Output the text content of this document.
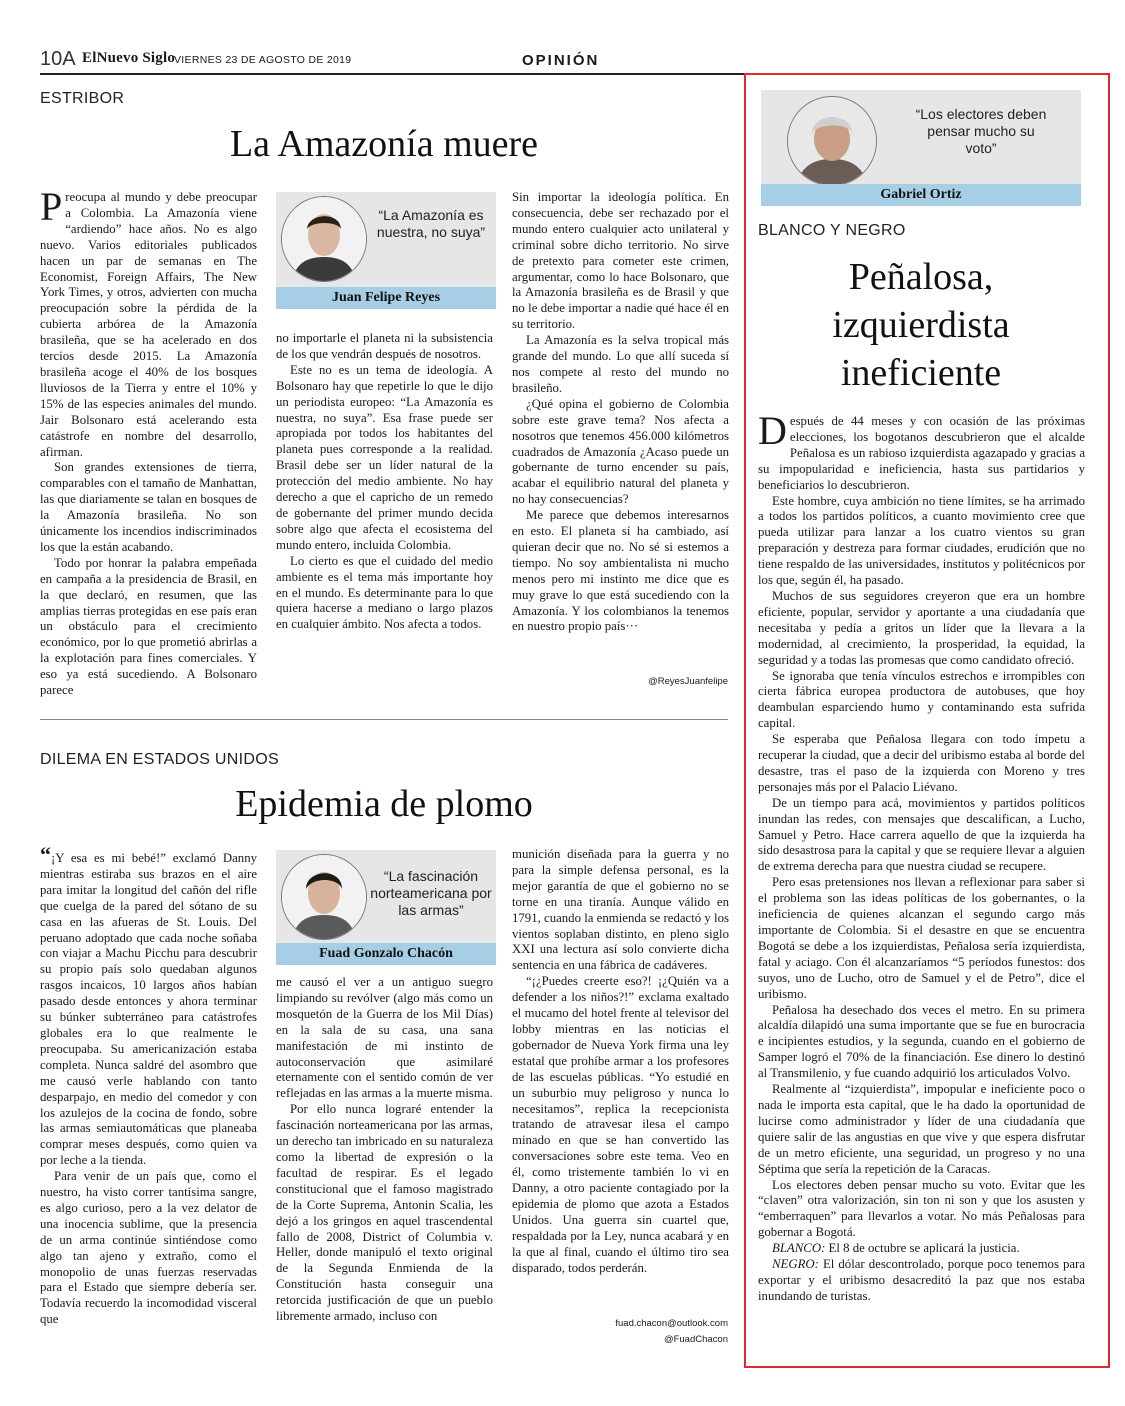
10A ElNuevo Siglo
VIERNES 23 DE AGOSTO DE 2019	OPINIÓN
ESTRIBOR
La Amazonía muere

Preocupa al mundo y debe preocupar a Colombia. La Amazonía viene “ardiendo” hace años. No es algo nuevo. Varios editoriales publicados hacen un par de semanas en The Economist, Foreign Affairs, The New York Times, y otros, advierten con mucha preocupación sobre la pérdida de la cubierta arbórea de la Amazonía brasileña, que se ha acelerado en dos tercios desde 2015. La Amazonía brasileña acoge el 40% de los bosques lluviosos de la Tierra y entre el 10% y 15% de las especies animales del mundo. Jair Bolsonaro está acelerando esta catástrofe en nombre del desarrollo, afirman.

Son grandes extensiones de tierra, comparables con el tamaño de Manhattan, las que diariamente se talan en bosques de la Amazonía brasileña. No son únicamente los incendios indiscriminados los que la están acabando.

Todo por honrar la palabra empeñada en campaña a la presidencia de Brasil, en la que declaró, en resumen, que las amplias tierras protegidas en ese país eran un obstáculo para el crecimiento económico, por lo que prometió abrirlas a la explotación para fines comerciales. Y eso ya está sucediendo. A Bolsonaro parece

“La Amazonía es nuestra, no suya”
Juan Felipe Reyes

no importarle el planeta ni la subsistencia de los que vendrán después de nosotros.

Este no es un tema de ideología. A Bolsonaro hay que repetirle lo que le dijo un periodista europeo: “La Amazonía es nuestra, no suya”. Esa frase puede ser apropiada por todos los habitantes del planeta pues corresponde a la realidad. Brasil debe ser un líder natural de la protección del medio ambiente. No hay derecho a que el capricho de un remedo de gobernante del primer mundo decida sobre algo que afecta el ecosistema del mundo entero, incluida Colombia.

Lo cierto es que el cuidado del medio ambiente es el tema más importante hoy en el mundo. Es determinante para lo que quiera hacerse a mediano o largo plazos en cualquier ámbito. Nos afecta a todos.

Sin importar la ideología política. En consecuencia, debe ser rechazado por el mundo entero cualquier acto unilateral y criminal sobre dicho territorio. No sirve de pretexto para cometer este crimen, argumentar, como lo hace Bolsonaro, que la Amazonía brasileña es de Brasil y que no le debe importar a nadie qué hace él en su territorio.

La Amazonía es la selva tropical más grande del mundo. Lo que allí suceda sí nos compete al resto del mundo no brasileño.

¿Qué opina el gobierno de Colombia sobre este grave tema? Nos afecta a nosotros que tenemos 456.000 kilómetros cuadrados de Amazonía ¿Acaso puede un gobernante de turno encender su país, acabar el equilibrio natural del planeta y no hay consecuencias?

Me parece que debemos interesarnos en esto. El planeta sí ha cambiado, así quieran decir que no. No sé si estemos a tiempo. No soy ambientalista ni mucho menos pero mi instinto me dice que es muy grave lo que está sucediendo con la Amazonía. Y los colombianos la tenemos en nuestro propio país···

@ReyesJuanfelipe
DILEMA EN ESTADOS UNIDOS
Epidemia de plomo

“¡Y esa es mi bebé!” exclamó Danny mientras estiraba sus brazos en el aire para imitar la longitud del cañón del rifle que cuelga de la pared del sótano de su casa en las afueras de St. Louis. Del peruano adoptado que cada noche soñaba con viajar a Machu Picchu para descubrir su propio país solo quedaban algunos rasgos incaicos, 10 largos años habían pasado desde entonces y ahora terminar su búnker subterráneo para catástrofes globales era lo que realmente le preocupaba. Su americanización estaba completa. Nunca saldré del asombro que me causó verle hablando con tanto desparpajo, en medio del comedor y con los azulejos de la cocina de fondo, sobre las armas semiautomáticas que planeaba comprar meses después, como quien va por leche a la tienda.

Para venir de un país que, como el nuestro, ha visto correr tantísima sangre, es algo curioso, pero a la vez delator de una inocencia sublime, que la presencia de un arma continúe sintiéndose como algo tan ajeno y extraño, como el monopolio de unas fuerzas reservadas para el Estado que siempre debería ser. Todavía recuerdo la incomodidad visceral que

“La fascinación norteamericana por las armas”
Fuad Gonzalo Chacón

me causó el ver a un antiguo suegro limpiando su revólver (algo más como un mosquetón de la Guerra de los Mil Días) en la sala de su casa, una sana manifestación de mi instinto de autoconservación que asimilaré eternamente con el sentido común de ver reflejadas en las armas a la muerte misma.

Por ello nunca lograré entender la fascinación norteamericana por las armas, un derecho tan imbricado en su naturaleza como la libertad de expresión o la facultad de respirar. Es el legado constitucional que el famoso magistrado de la Corte Suprema, Antonin Scalia, les dejó a los gringos en aquel trascendental fallo de 2008, District of Columbia v. Heller, donde manipuló el texto original de la Segunda Enmienda de la Constitución hasta conseguir una retorcida justificación de que un pueblo libremente armado, incluso con

munición diseñada para la guerra y no para la simple defensa personal, es la mejor garantía de que el gobierno no se torne en una tiranía. Aunque válido en 1791, cuando la enmienda se redactó y los vientos soplaban distinto, en pleno siglo XXI una lectura así solo convierte dicha sentencia en una fábrica de cadáveres.

“¡¿Puedes creerte eso?! ¡¿Quién va a defender a los niños?!” exclama exaltado el mucamo del hotel frente al televisor del lobby mientras en las noticias el gobernador de Nueva York firma una ley estatal que prohíbe armar a los profesores de las escuelas públicas. “Yo estudié en un suburbio muy peligroso y nunca lo necesitamos”, replica la recepcionista tratando de atravesar ilesa el campo minado en que se han convertido las conversaciones sobre este tema. Veo en él, como tristemente también lo vi en Danny, a otro paciente contagiado por la epidemia de plomo que azota a Estados Unidos. Una guerra sin cuartel que, respaldada por la Ley, nunca acabará y en la que al final, cuando el último tiro sea disparado, todos perderán.

fuad.chacon@outlook.com
@FuadChacon
“Los electores deben pensar mucho su voto”
Gabriel Ortiz
BLANCO Y NEGRO
Peñalosa,
izquierdista
ineficiente

Después de 44 meses y con ocasión de las próximas elecciones, los bogotanos descubrieron que el alcalde Peñalosa es un rabioso izquierdista agazapado y gracias a su impopularidad e ineficiencia, hasta sus partidarios y beneficiarios lo descubrieron.

Este hombre, cuya ambición no tiene límites, se ha arrimado a todos los partidos políticos, a cuanto movimiento cree que pueda utilizar para lanzar a los cuatro vientos su gran preparación y destreza para formar ciudades, erudición que no tiene respaldo de las universidades, institutos y politécnicos por los que, según él, ha pasado.

Muchos de sus seguidores creyeron que era un hombre eficiente, popular, servidor y aportante a una ciudadanía que necesitaba y pedía a gritos un líder que la llevara a la modernidad, al crecimiento, la prosperidad, la equidad, la seguridad y a todas las promesas que como candidato ofreció.

Se ignoraba que tenía vínculos estrechos e irrompibles con cierta fábrica europea productora de autobuses, que hoy deambulan esparciendo humo y contaminando esta sufrida capital.

Se esperaba que Peñalosa llegara con todo ímpetu a recuperar la ciudad, que a decir del uribismo estaba al borde del desastre, tras el paso de la izquierda con Moreno y tres personajes más por el Palacio Liévano.

De un tiempo para acá, movimientos y partidos políticos inundan las redes, con mensajes que descalifican, a Lucho, Samuel y Petro. Hace carrera aquello de que la izquierda ha sido desastrosa para la capital y que se requiere llevar a alguien de extrema derecha para que nuestra ciudad se recupere.

Pero esas pretensiones nos llevan a reflexionar para saber si el problema son las ideas políticas de los gobernantes, o la ineficiencia de quienes alcanzan el segundo cargo más importante de Colombia. Si el desastre en que se encuentra Bogotá se debe a los izquierdistas, Peñalosa sería izquierdista, fatal y aciago. Con él alcanzaríamos “5 períodos funestos: dos suyos, uno de Lucho, otro de Samuel y el de Petro”, dice el uribismo.

Peñalosa ha desechado dos veces el metro. En su primera alcaldía dilapidó una suma importante que se fue en burocracia e incipientes estudios, y la segunda, cuando en el gobierno de Samper logró el 70% de la financiación. Ese dinero lo destinó al Transmilenio, y fue cuando adquirió los articulados Volvo.

Realmente al “izquierdista”, impopular e ineficiente poco o nada le importa esta capital, que le ha dado la oportunidad de lucirse como administrador y líder de una ciudadanía que quiere salir de las angustias en que vive y que espera disfrutar de un metro eficiente, una seguridad, un progreso y no una Séptima que sería la repetición de la Caracas.

Los electores deben pensar mucho su voto. Evitar que les “claven” otra valorización, sin ton ni son y que los asusten y “emberraquen” para llevarlos a votar. No más Peñalosas para gobernar a Bogotá.

BLANCO: El 8 de octubre se aplicará la justicia.

NEGRO: El dólar descontrolado, porque poco tenemos para exportar y el uribismo desacreditó la paz que nos estaba inundando de turistas.
